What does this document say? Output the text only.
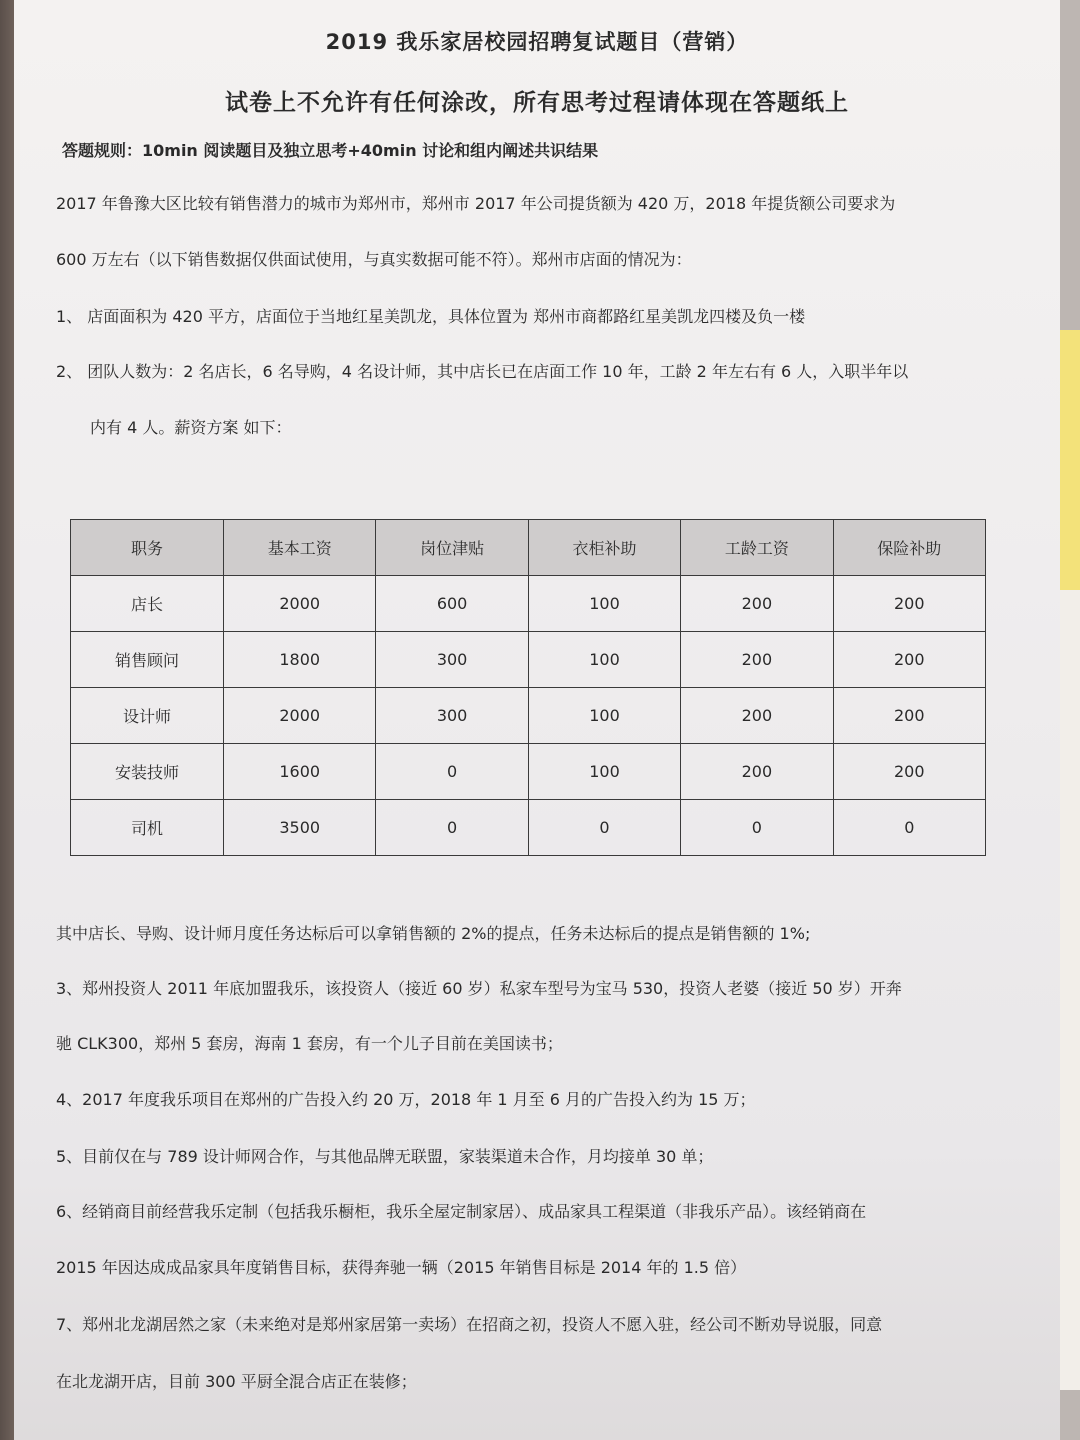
2019 我乐家居校园招聘复试题目（营销）
试卷上不允许有任何涂改，所有思考过程请体现在答题纸上
答题规则：10min 阅读题目及独立思考+40min 讨论和组内阐述共识结果
2017 年鲁豫大区比较有销售潜力的城市为郑州市，郑州市 2017 年公司提货额为 420 万，2018 年提货额公司要求为
600 万左右（以下销售数据仅供面试使用，与真实数据可能不符）。郑州市店面的情况为：
1、 店面面积为 420 平方，店面位于当地红星美凯龙，具体位置为 郑州市商都路红星美凯龙四楼及负一楼
2、 团队人数为：2 名店长，6 名导购，4 名设计师，其中店长已在店面工作 10 年，工龄 2 年左右有 6 人，入职半年以
内有 4 人。薪资方案 如下：
职务	基本工资	岗位津贴	衣柜补助	工龄工资	保险补助
店长	2000	600	100	200	200
销售顾问	1800	300	100	200	200
设计师	2000	300	100	200	200
安装技师	1600	0	100	200	200
司机	3500	0	0	0	0
其中店长、导购、设计师月度任务达标后可以拿销售额的 2%的提点，任务未达标后的提点是销售额的 1%;
3、郑州投资人 2011 年底加盟我乐，该投资人（接近 60 岁）私家车型号为宝马 530，投资人老婆（接近 50 岁）开奔
驰 CLK300，郑州 5 套房，海南 1 套房，有一个儿子目前在美国读书；
4、2017 年度我乐项目在郑州的广告投入约 20 万，2018 年 1 月至 6 月的广告投入约为 15 万；
5、目前仅在与 789 设计师网合作，与其他品牌无联盟，家装渠道未合作，月均接单 30 单；
6、经销商目前经营我乐定制（包括我乐橱柜，我乐全屋定制家居）、成品家具工程渠道（非我乐产品）。该经销商在
2015 年因达成成品家具年度销售目标，获得奔驰一辆（2015 年销售目标是 2014 年的 1.5 倍）
7、郑州北龙湖居然之家（未来绝对是郑州家居第一卖场）在招商之初，投资人不愿入驻，经公司不断劝导说服，同意
在北龙湖开店，目前 300 平厨全混合店正在装修；
